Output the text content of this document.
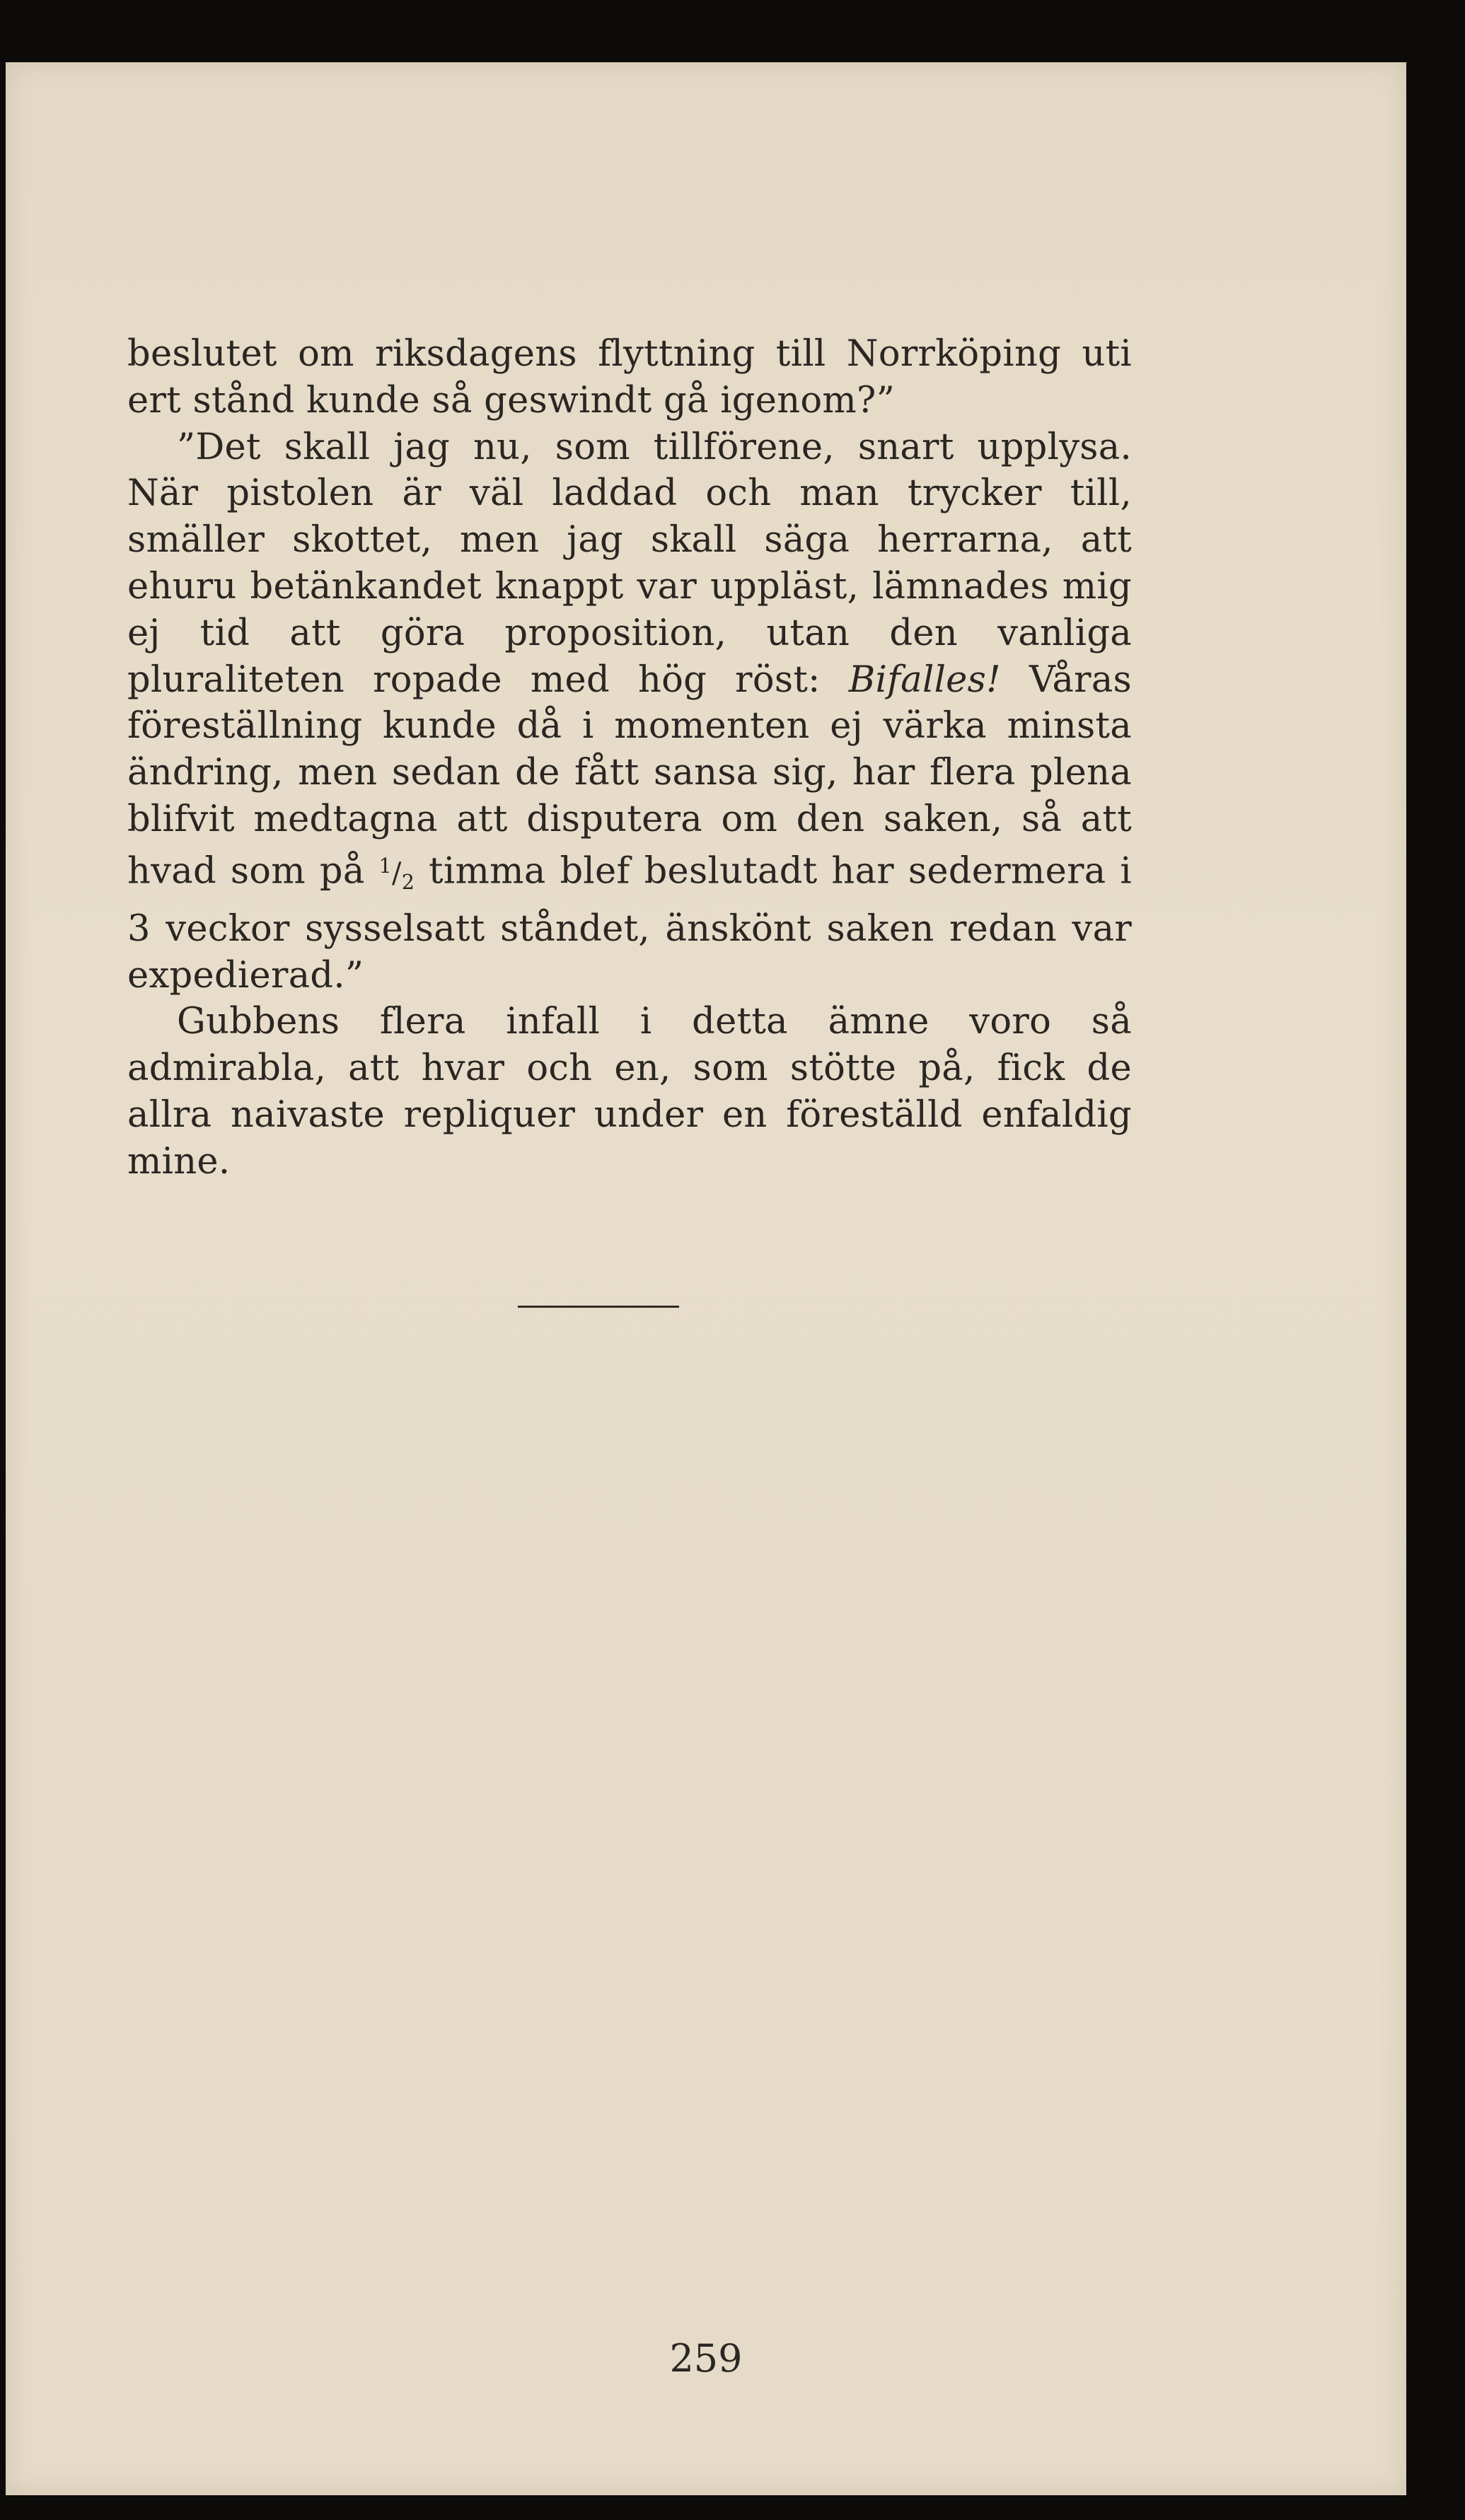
beslutet om riksdagens flyttning till Norrköping uti ert stånd kunde så geswindt gå igenom?”

”Det skall jag nu, som tillförene, snart upplysa. När pistolen är väl laddad och man trycker till, smäller skottet, men jag skall säga herrarna, att ehuru betänkandet knappt var uppläst, lämnades mig ej tid att göra proposition, utan den vanliga pluraliteten ropade med hög röst: Bifalles! Våras föreställning kunde då i momenten ej värka minsta ändring, men sedan de fått sansa sig, har flera plena blifvit medtagna att disputera om den saken, så att hvad som på $^1/_2$ timma blef beslutadt har sedermera i 3 veckor sysselsatt ståndet, änskönt saken redan var expedierad.”

Gubbens flera infall i detta ämne voro så admirabla, att hvar och en, som stötte på, fick de allra naivaste repliquer under en föreställd enfaldig mine.

259
